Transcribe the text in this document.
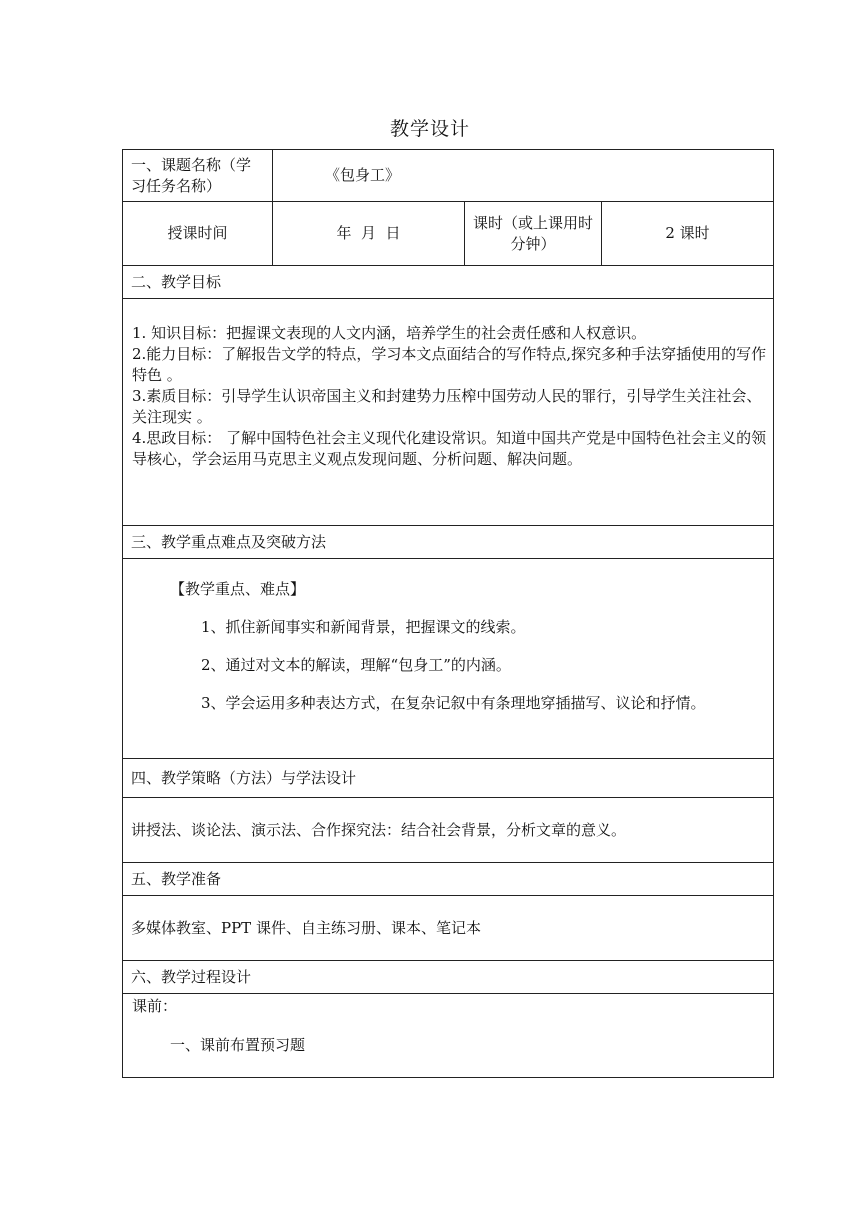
教学设计
一、课题名称（学习任务名称）	《包身工》		
授课时间	年  月  日	课时（或上课用时    分钟）	2 课时
二、教学目标			

1. 知识目标：把握课文表现的人文内涵，培养学生的社会责任感和人权意识。

2.能力目标：了解报告文学的特点，学习本文点面结合的写作特点,探究多种手法穿插使用的写作特色 。

3.素质目标：引导学生认识帝国主义和封建势力压榨中国劳动人民的罪行，引导学生关注社会、关注现实 。

4.思政目标： 了解中国特色社会主义现代化建设常识。知道中国共产党是中国特色社会主义的领导核心，学会运用马克思主义观点发现问题、分析问题、解决问题。			

三、教学重点难点及突破方法			

【教学重点、难点】

1、抓住新闻事实和新闻背景，把握课文的线索。

2、通过对文本的解读，理解“包身工”的内涵。

3、学会运用多种表达方式，在复杂记叙中有条理地穿插描写、议论和抒情。			

四、教学策略（方法）与学法设计			
讲授法、谈论法、演示法、合作探究法：结合社会背景，分析文章的意义。			
五、教学准备			
多媒体教室、PPT 课件、自主练习册、课本、笔记本			
六、教学过程设计			

课前：

一、课前布置预习题			
